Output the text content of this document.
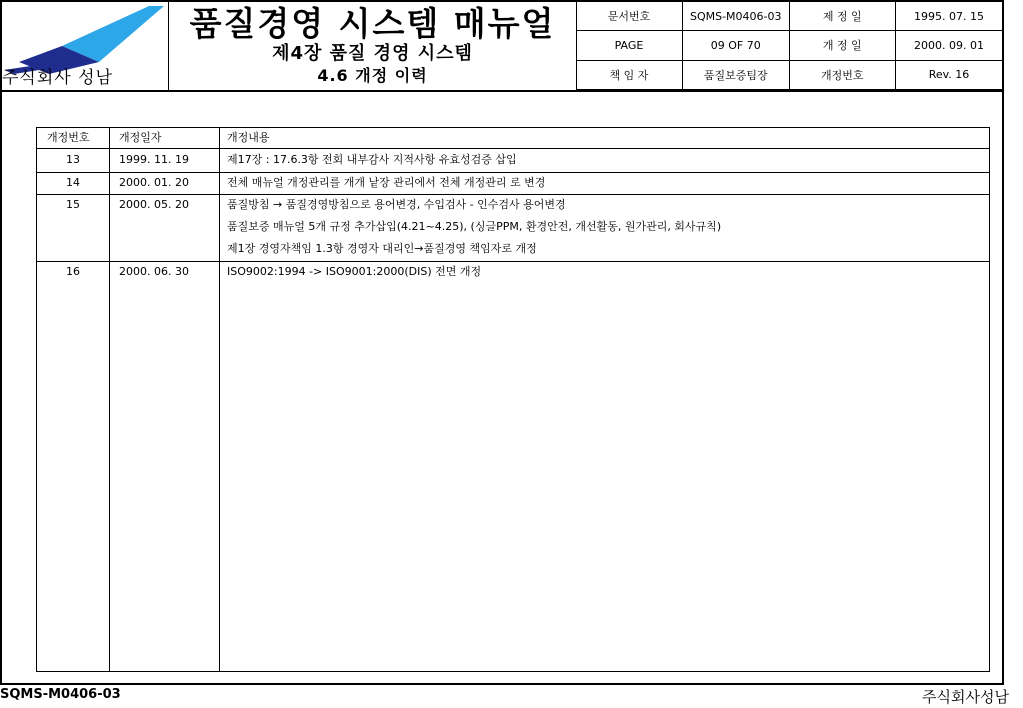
주식회사 성남
품질경영 시스템 매뉴얼
제4장 품질 경영 시스템
4.6 개정 이력
문서번호	SQMS-M0406-03	제 정 일	1995. 07. 15
PAGE	09 OF 70	개 정 일	2000. 09. 01
책 임 자	품질보증팀장	개정번호	Rev. 16
개정번호	개정일자	개정내용
13	1999. 11. 19	제17장 : 17.6.3항 전회 내부감사 지적사항 유효성검증 삽입
14	2000. 01. 20	전체 매뉴얼 개정관리를 개개 낱장 관리에서 전체 개정관리 로 변경
15	2000. 05. 20	품질방침 → 품질경영방침으로 용어변경, 수입검사 - 인수검사 용어변경
품질보증 매뉴얼 5개 규정 추가삽입(4.21~4.25), (싱글PPM, 환경안전, 개선활동, 원가관리, 회사규칙)
제1장 경영자책임 1.3항 경영자 대리인→품질경영 책임자로 개정
16	2000. 06. 30	ISO9002:1994 -> ISO9001:2000(DIS) 전면 개정
SQMS-M0406-03	주식회사성남
